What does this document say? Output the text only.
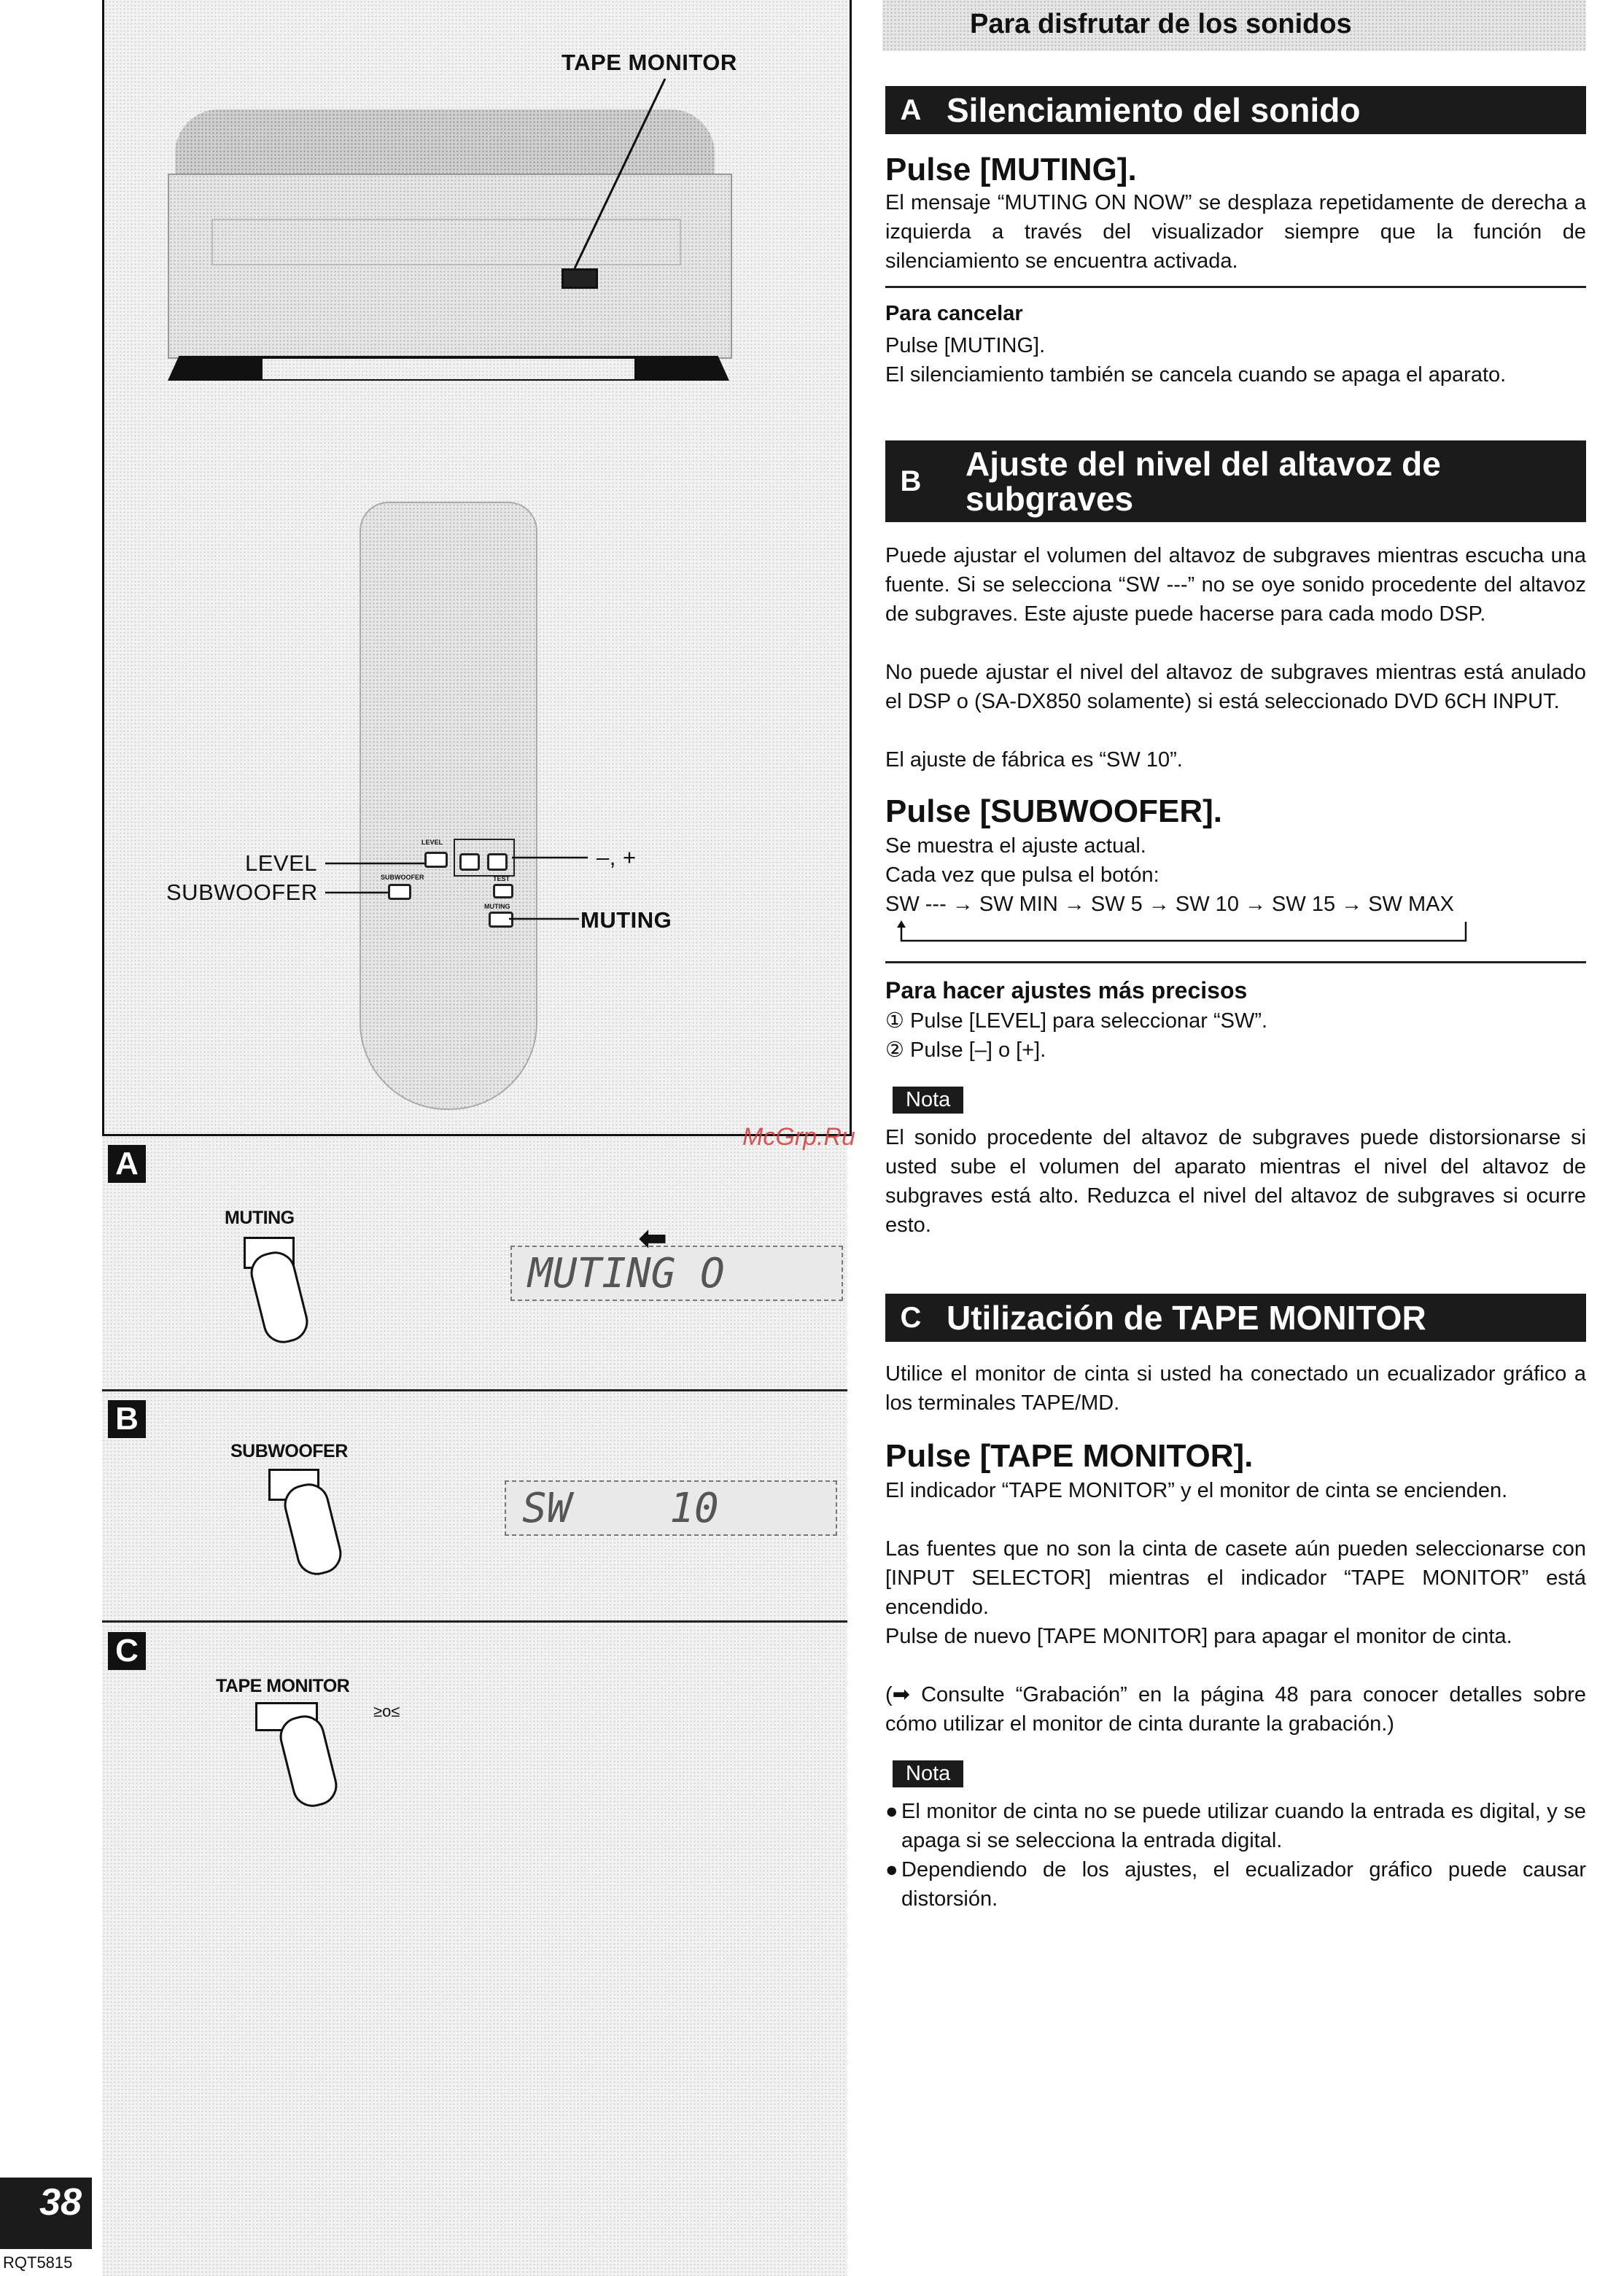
TAPE MONITOR
LEVEL
SUBWOOFER	TEST
MUTING
LEVEL
SUBWOOFER
–, +
MUTING
A
MUTING
MUTING O
⬅
B
SUBWOOFER
SW    10
C
TAPE MONITOR
≥o≤
38
RQT5815
Para disfrutar de los sonidos
A Silenciamiento del sonido
Pulse [MUTING].
El mensaje “MUTING ON NOW” se desplaza repetidamente de derecha a izquierda a través del visualizador siempre que la función de silenciamiento se encuentra activada.
Para cancelar
Pulse [MUTING].
El silenciamiento también se cancela cuando se apaga el aparato.
B	Ajuste del nivel del altavoz de
subgraves
Puede ajustar el volumen del altavoz de subgraves mientras escucha una fuente. Si se selecciona “SW ---” no se oye sonido procedente del altavoz de subgraves. Este ajuste puede hacerse para cada modo DSP.
No puede ajustar el nivel del altavoz de subgraves mientras está anulado el DSP o (SA-DX850 solamente) si está seleccionado DVD 6CH INPUT.
El ajuste de fábrica es “SW 10”.
Pulse [SUBWOOFER].
Se muestra el ajuste actual.
Cada vez que pulsa el botón:
SW --- → SW MIN → SW 5 → SW 10 → SW 15 → SW MAX
Para hacer ajustes más precisos
① Pulse [LEVEL] para seleccionar “SW”.
② Pulse [–] o [+].
Nota
El sonido procedente del altavoz de subgraves puede distorsionarse si usted sube el volumen del aparato mientras el nivel del altavoz de subgraves está alto. Reduzca el nivel del altavoz de subgraves si ocurre esto.
C Utilización de TAPE MONITOR
Utilice el monitor de cinta si usted ha conectado un ecualizador gráfico a los terminales TAPE/MD.
Pulse [TAPE MONITOR].
El indicador “TAPE MONITOR” y el monitor de cinta se encienden.
Las fuentes que no son la cinta de casete aún pueden seleccionarse con [INPUT SELECTOR] mientras el indicador “TAPE MONITOR” está encendido.
Pulse de nuevo [TAPE MONITOR] para apagar el monitor de cinta.
(➡ Consulte “Grabación” en la página 48 para conocer detalles sobre cómo utilizar el monitor de cinta durante la grabación.)
Nota
● El monitor de cinta no se puede utilizar cuando la entrada es digital, y se apaga si se selecciona la entrada digital.
● Dependiendo de los ajustes, el ecualizador gráfico puede causar distorsión.
McGrp.Ru
